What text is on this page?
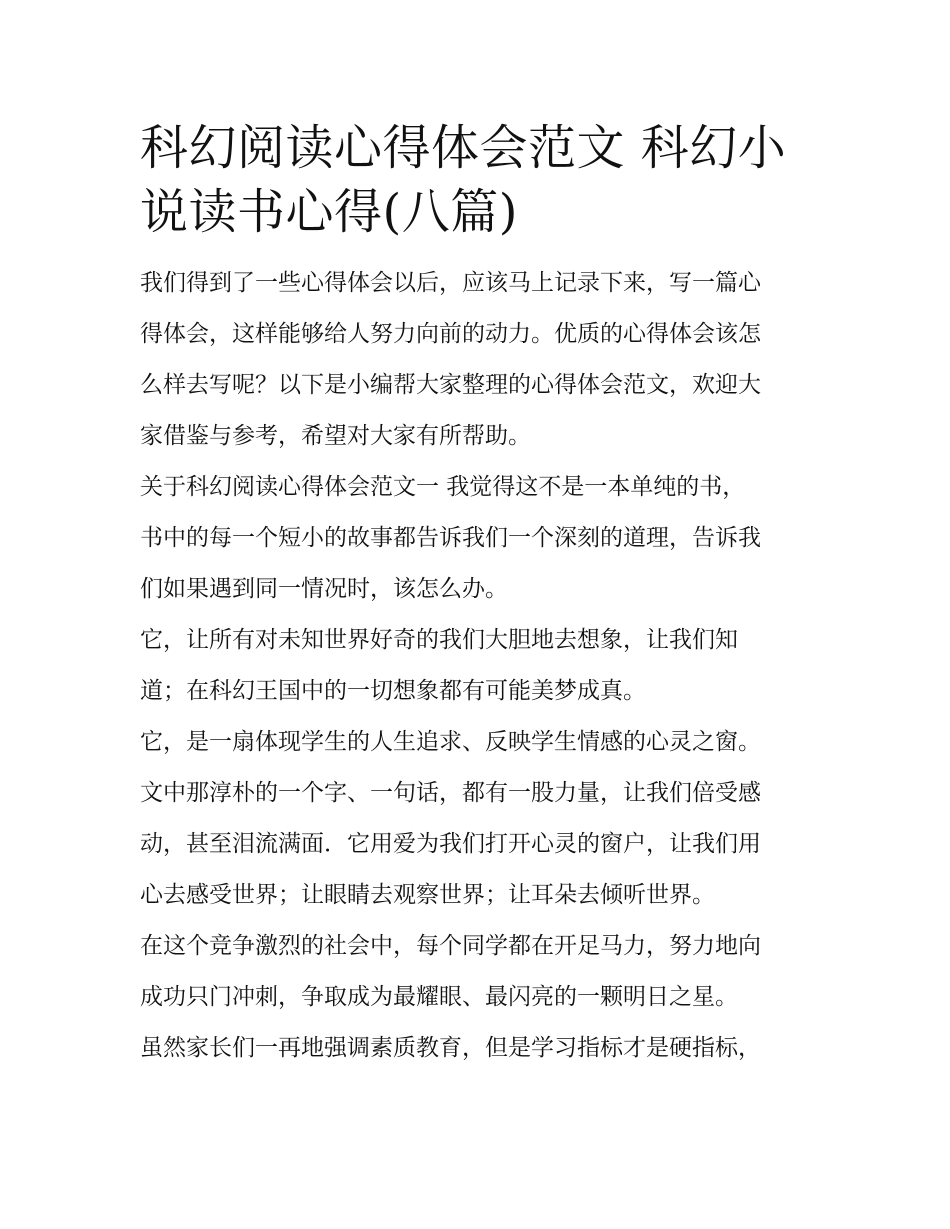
科幻阅读心得体会范文 科幻小
说读书心得(八篇)

我们得到了一些心得体会以后，应该马上记录下来，写一篇心
得体会，这样能够给人努力向前的动力。优质的心得体会该怎
么样去写呢？以下是小编帮大家整理的心得体会范文，欢迎大
家借鉴与参考，希望对大家有所帮助。

关于科幻阅读心得体会范文一 我觉得这不是一本单纯的书，
书中的每一个短小的故事都告诉我们一个深刻的道理，告诉我
们如果遇到同一情况时，该怎么办。

它，让所有对未知世界好奇的我们大胆地去想象，让我们知
道；在科幻王国中的一切想象都有可能美梦成真。

它，是一扇体现学生的人生追求、反映学生情感的心灵之窗。
文中那淳朴的一个字、一句话，都有一股力量，让我们倍受感
动，甚至泪流满面．它用爱为我们打开心灵的窗户，让我们用
心去感受世界；让眼睛去观察世界；让耳朵去倾听世界。

在这个竞争激烈的社会中，每个同学都在开足马力，努力地向
成功只门冲刺，争取成为最耀眼、最闪亮的一颗明日之星。

虽然家长们一再地强调素质教育，但是学习指标才是硬指标，
